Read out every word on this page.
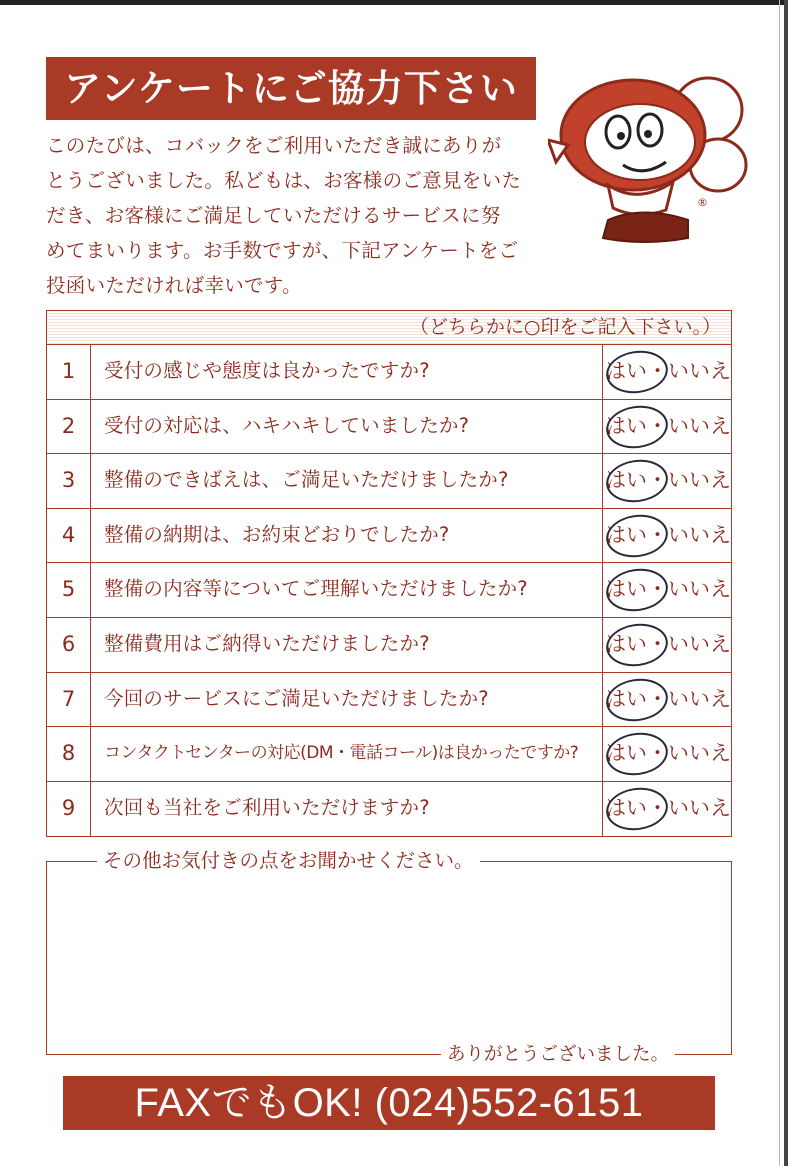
アンケートにご協力下さい
このたびは、コバックをご利用いただき誠にありが
とうございました。私どもは、お客様のご意見をいた
だき、お客様にご満足していただけるサービスに努
めてまいります。お手数ですが、下記アンケートをご
投函いただければ幸いです。
®
（どちらかに○印をご記入下さい。）
1	受付の感じや態度は良かったですか?	はい・いいえ
2	受付の対応は、ハキハキしていましたか?	はい・いいえ
3	整備のできばえは、ご満足いただけましたか?	はい・いいえ
4	整備の納期は、お約束どおりでしたか?	はい・いいえ
5	整備の内容等についてご理解いただけましたか?	はい・いいえ
6	整備費用はご納得いただけましたか?	はい・いいえ
7	今回のサービスにご満足いただけましたか?	はい・いいえ
8	コンタクトセンターの対応(DM・電話コール)は良かったですか? はい・いいえ
9	次回も当社をご利用いただけますか?	はい・いいえ
その他お気付きの点をお聞かせください。
ありがとうございました。
FAXでもOK! (024)552-6151
